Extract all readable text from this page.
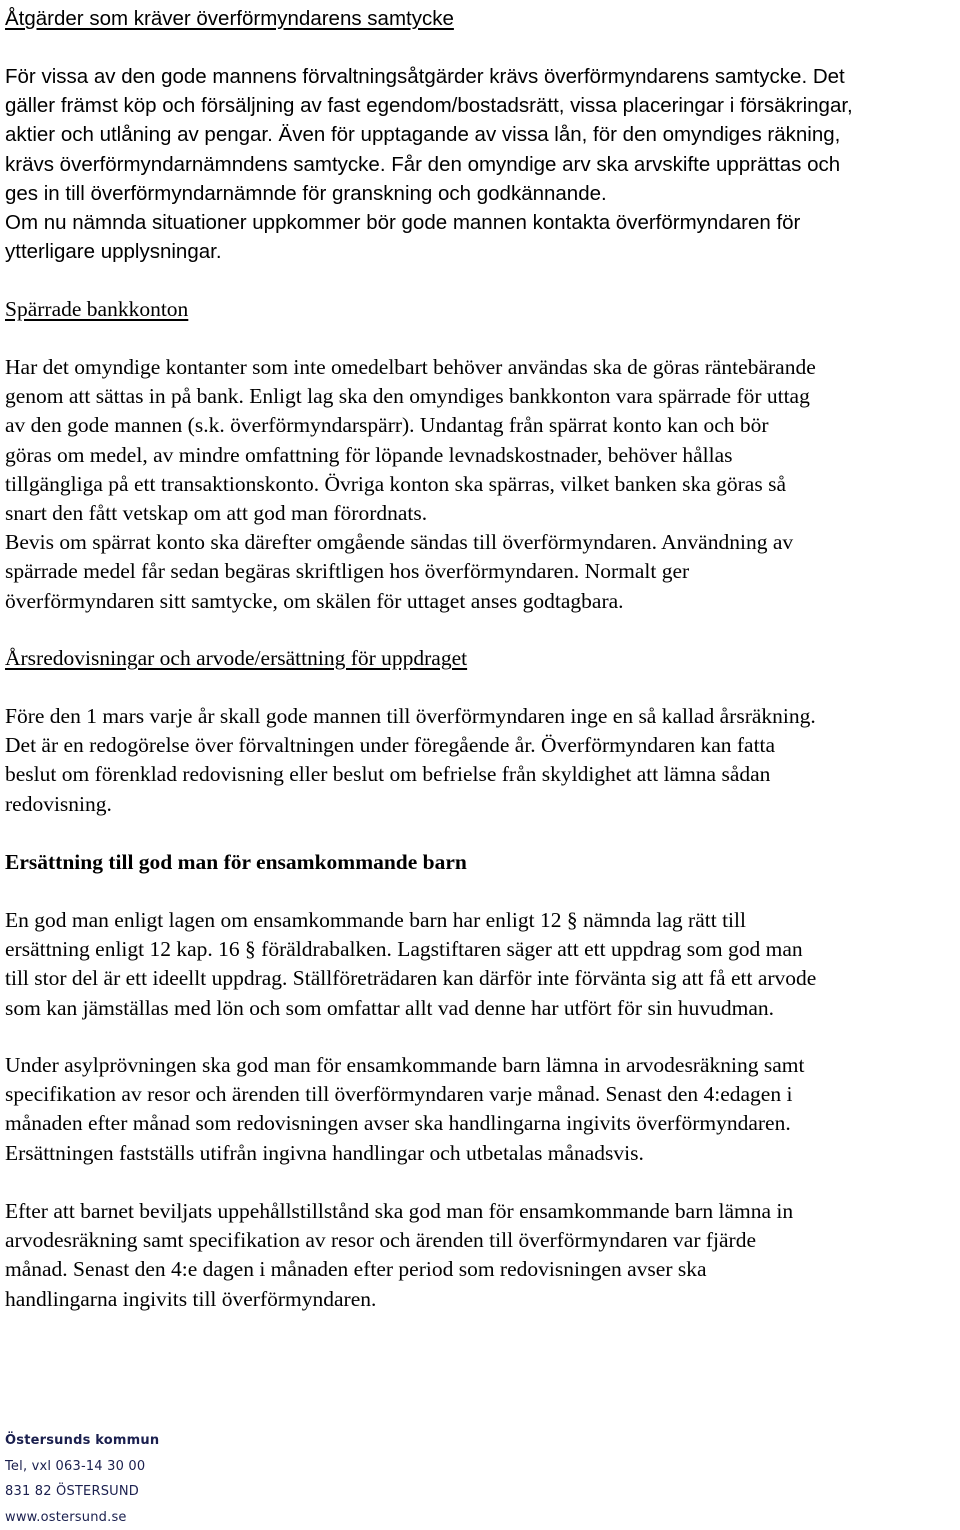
Åtgärder som kräver överförmyndarens samtycke

För vissa av den gode mannens förvaltningsåtgärder krävs överförmyndarens samtycke. Det
gäller främst köp och försäljning av fast egendom/bostadsrätt, vissa placeringar i försäkringar,
aktier och utlåning av pengar. Även för upptagande av vissa lån, för den omyndiges räkning,
krävs överförmyndarnämndens samtycke. Får den omyndige arv ska arvskifte upprättas och
ges in till överförmyndarnämnde för granskning och godkännande.
Om nu nämnda situationer uppkommer bör gode mannen kontakta överförmyndaren för
ytterligare upplysningar.

Spärrade bankkonton

Har det omyndige kontanter som inte omedelbart behöver användas ska de göras räntebärande
genom att sättas in på bank. Enligt lag ska den omyndiges bankkonton vara spärrade för uttag
av den gode mannen (s.k. överförmyndarspärr). Undantag från spärrat konto kan och bör
göras om medel, av mindre omfattning för löpande levnadskostnader, behöver hållas
tillgängliga på ett transaktionskonto. Övriga konton ska spärras, vilket banken ska göras så
snart den fått vetskap om att god man förordnats.
Bevis om spärrat konto ska därefter omgående sändas till överförmyndaren. Användning av
spärrade medel får sedan begäras skriftligen hos överförmyndaren. Normalt ger
överförmyndaren sitt samtycke, om skälen för uttaget anses godtagbara.

Årsredovisningar och arvode/ersättning för uppdraget

Före den 1 mars varje år skall gode mannen till överförmyndaren inge en så kallad årsräkning.
Det är en redogörelse över förvaltningen under föregående år. Överförmyndaren kan fatta
beslut om förenklad redovisning eller beslut om befrielse från skyldighet att lämna sådan
redovisning.

Ersättning till god man för ensamkommande barn

En god man enligt lagen om ensamkommande barn har enligt 12 § nämnda lag rätt till
ersättning enligt 12 kap. 16 § föräldrabalken. Lagstiftaren säger att ett uppdrag som god man
till stor del är ett ideellt uppdrag. Ställföreträdaren kan därför inte förvänta sig att få ett arvode
som kan jämställas med lön och som omfattar allt vad denne har utfört för sin huvudman.

Under asylprövningen ska god man för ensamkommande barn lämna in arvodesräkning samt
specifikation av resor och ärenden till överförmyndaren varje månad. Senast den 4:edagen i
månaden efter månad som redovisningen avser ska handlingarna ingivits överförmyndaren.
Ersättningen fastställs utifrån ingivna handlingar och utbetalas månadsvis.

Efter att barnet beviljats uppehållstillstånd ska god man för ensamkommande barn lämna in
arvodesräkning samt specifikation av resor och ärenden till överförmyndaren var fjärde
månad. Senast den 4:e dagen i månaden efter period som redovisningen avser ska
handlingarna ingivits till överförmyndaren.

Östersunds kommun
Tel, vxl 063-14 30 00
831 82 ÖSTERSUND
www.ostersund.se
